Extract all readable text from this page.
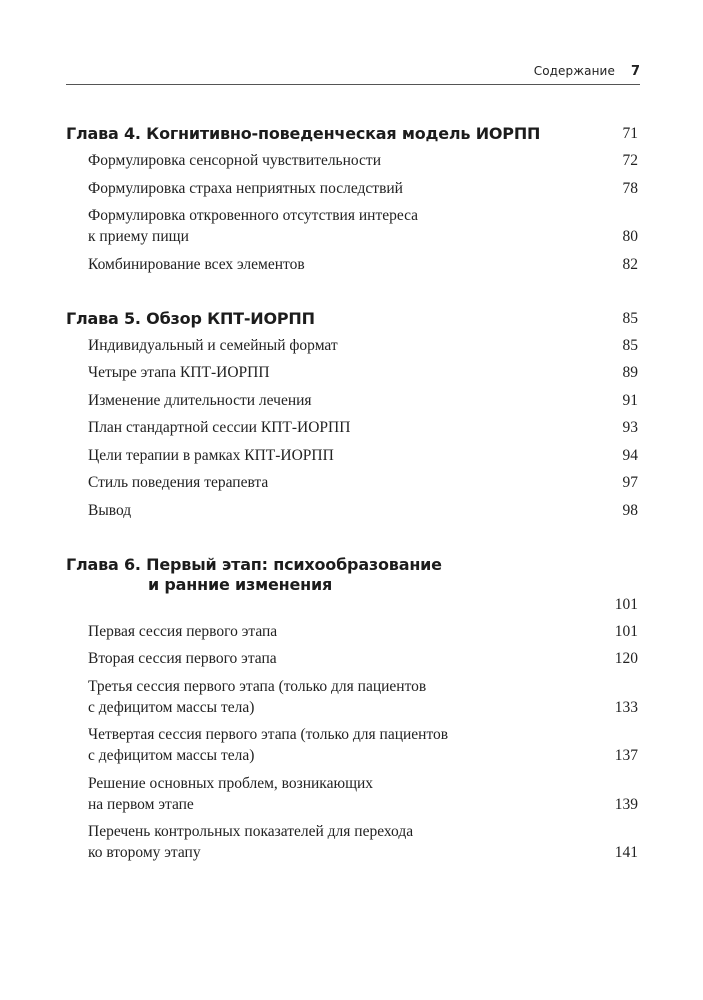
Содержание 7

Глава 4. Когнитивно-поведенческая модель ИОРПП	71
Формулировка сенсорной чувствительности	72
Формулировка страха неприятных последствий	78
Формулировка откровенного отсутствия интереса
к приему пищи	80
Комбинирование всех элементов	82

Глава 5. Обзор КПТ-ИОРПП	85
Индивидуальный и семейный формат	85
Четыре этапа КПТ-ИОРПП	89
Изменение длительности лечения	91
План стандартной сессии КПТ-ИОРПП	93
Цели терапии в рамках КПТ-ИОРПП	94
Стиль поведения терапевта	97
Вывод	98

Глава 6. Первый этап: психообразование

и ранние изменения

101
Первая сессия первого этапа	101
Вторая сессия первого этапа	120
Третья сессия первого этапа (только для пациентов
с дефицитом массы тела)	133
Четвертая сессия первого этапа (только для пациентов
с дефицитом массы тела)	137
Решение основных проблем, возникающих
на первом этапе	139
Перечень контрольных показателей для перехода
ко второму этапу	141
